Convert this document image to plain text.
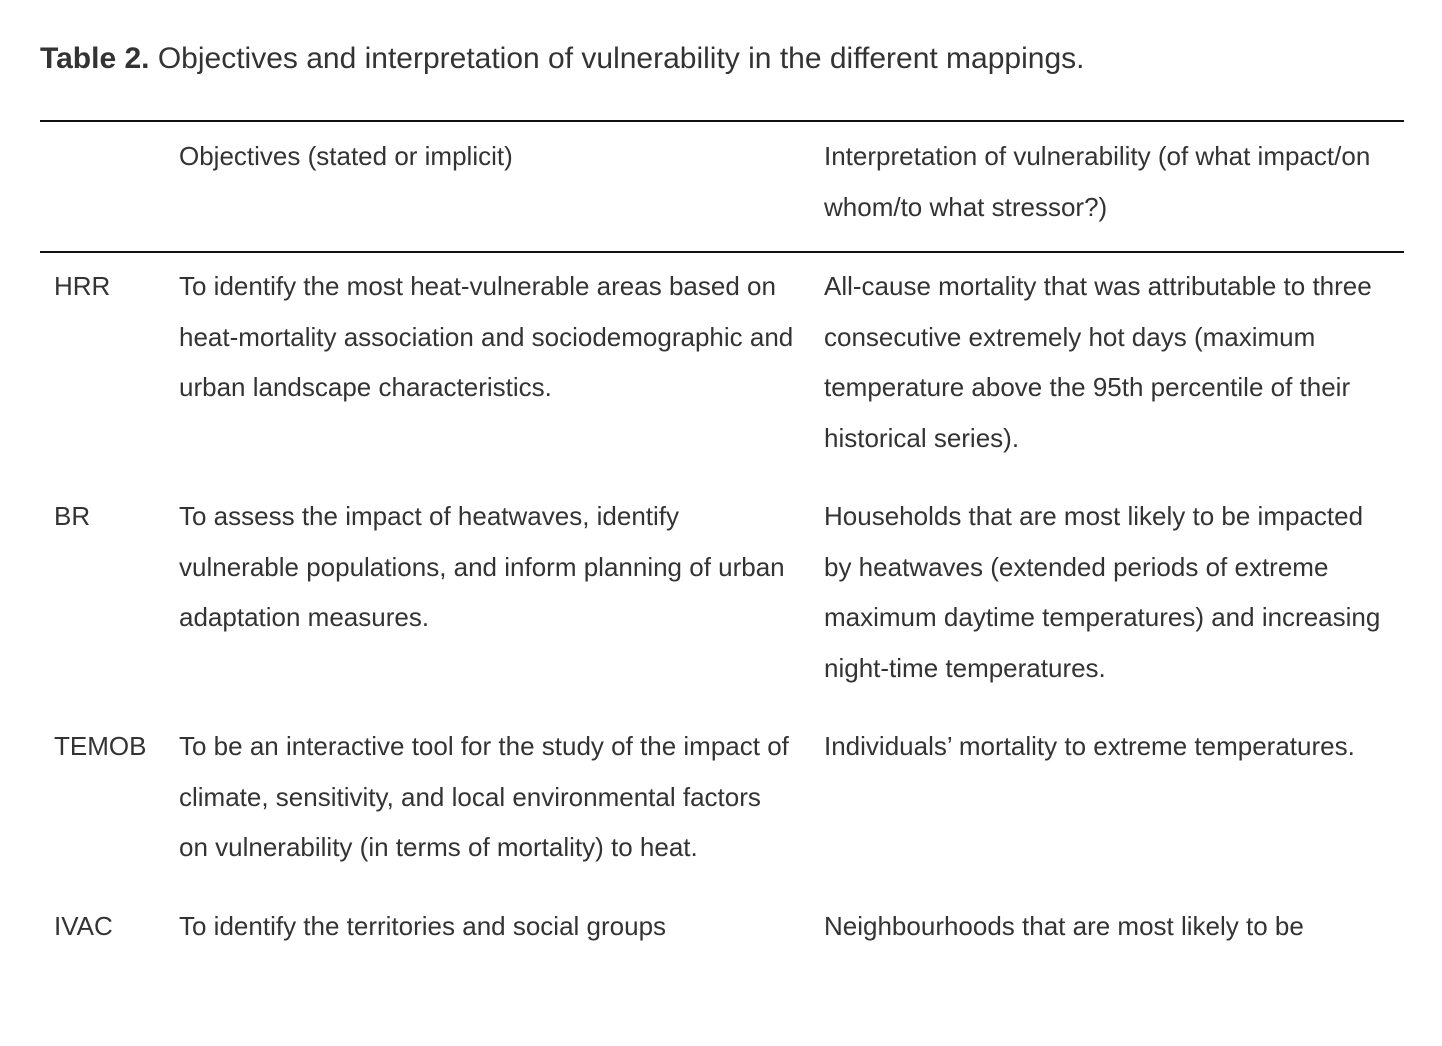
Table 2. Objectives and interpretation of vulnerability in the different mappings.

	Objectives (stated or implicit)	Interpretation of vulnerability (of what impact/on whom/to what stressor?)
HRR	To identify the most heat-vulnerable areas based on heat-mortality association and sociodemographic and urban landscape characteristics.	All-cause mortality that was attributable to three consecutive extremely hot days (maximum temperature above the 95th percentile of their historical series).
BR	To assess the impact of heatwaves, identify vulnerable populations, and inform planning of urban adaptation measures.	Households that are most likely to be impacted by heatwaves (extended periods of extreme maximum daytime temperatures) and increasing night-time temperatures.
TEMOB	To be an interactive tool for the study of the impact of climate, sensitivity, and local environmental factors on vulnerability (in terms of mortality) to heat.	Individuals’ mortality to extreme temperatures.
IVAC	To identify the territories and social groups	Neighbourhoods that are most likely to be
